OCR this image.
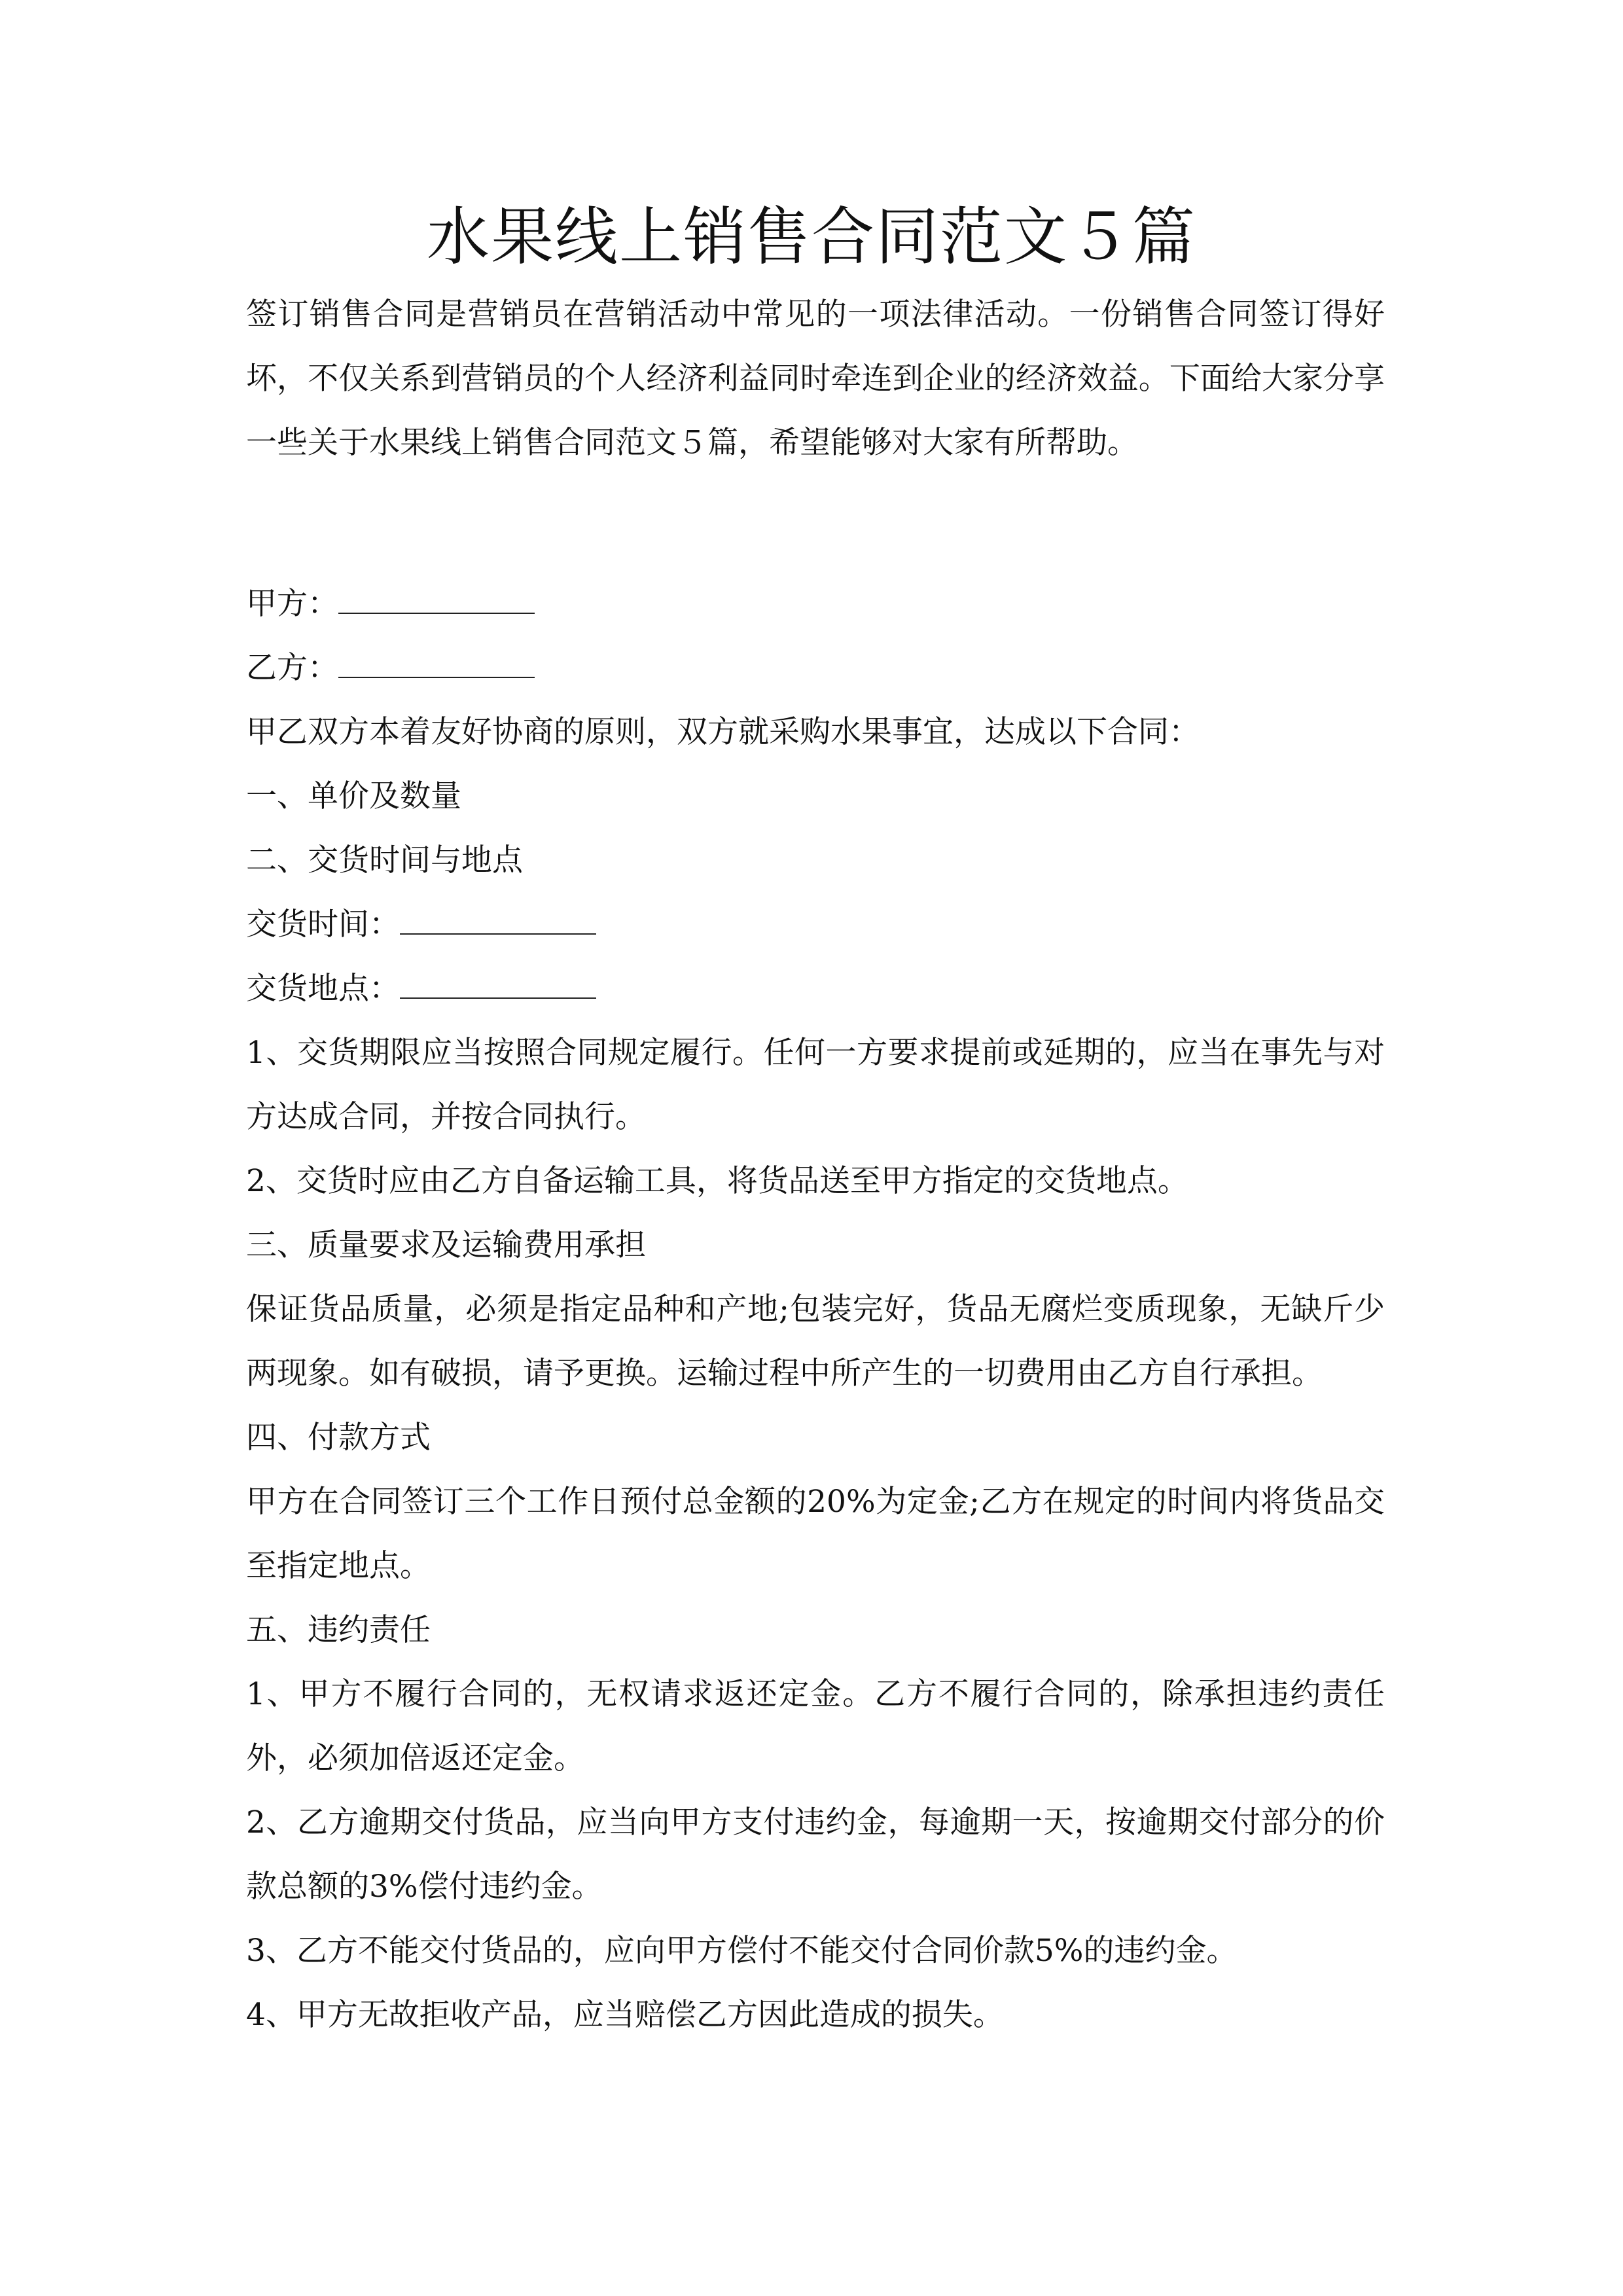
水果线上销售合同范文５篇

签订销售合同是营销员在营销活动中常见的一项法律活动。一份销售合同签订得好坏，不仅关系到营销员的个人经济利益同时牵连到企业的经济效益。下面给大家分享一些关于水果线上销售合同范文５篇，希望能够对大家有所帮助。

甲方：

乙方：

甲乙双方本着友好协商的原则，双方就采购水果事宜，达成以下合同：

一、单价及数量

二、交货时间与地点

交货时间：

交货地点：

1、交货期限应当按照合同规定履行。任何一方要求提前或延期的，应当在事先与对方达成合同，并按合同执行。

2、交货时应由乙方自备运输工具，将货品送至甲方指定的交货地点。

三、质量要求及运输费用承担

保证货品质量，必须是指定品种和产地;包装完好，货品无腐烂变质现象，无缺斤少两现象。如有破损，请予更换。运输过程中所产生的一切费用由乙方自行承担。

四、付款方式

甲方在合同签订三个工作日预付总金额的20%为定金;乙方在规定的时间内将货品交至指定地点。

五、违约责任

1、甲方不履行合同的，无权请求返还定金。乙方不履行合同的，除承担违约责任外，必须加倍返还定金。

2、乙方逾期交付货品，应当向甲方支付违约金，每逾期一天，按逾期交付部分的价款总额的3%偿付违约金。

3、乙方不能交付货品的，应向甲方偿付不能交付合同价款5%的违约金。

4、甲方无故拒收产品，应当赔偿乙方因此造成的损失。
